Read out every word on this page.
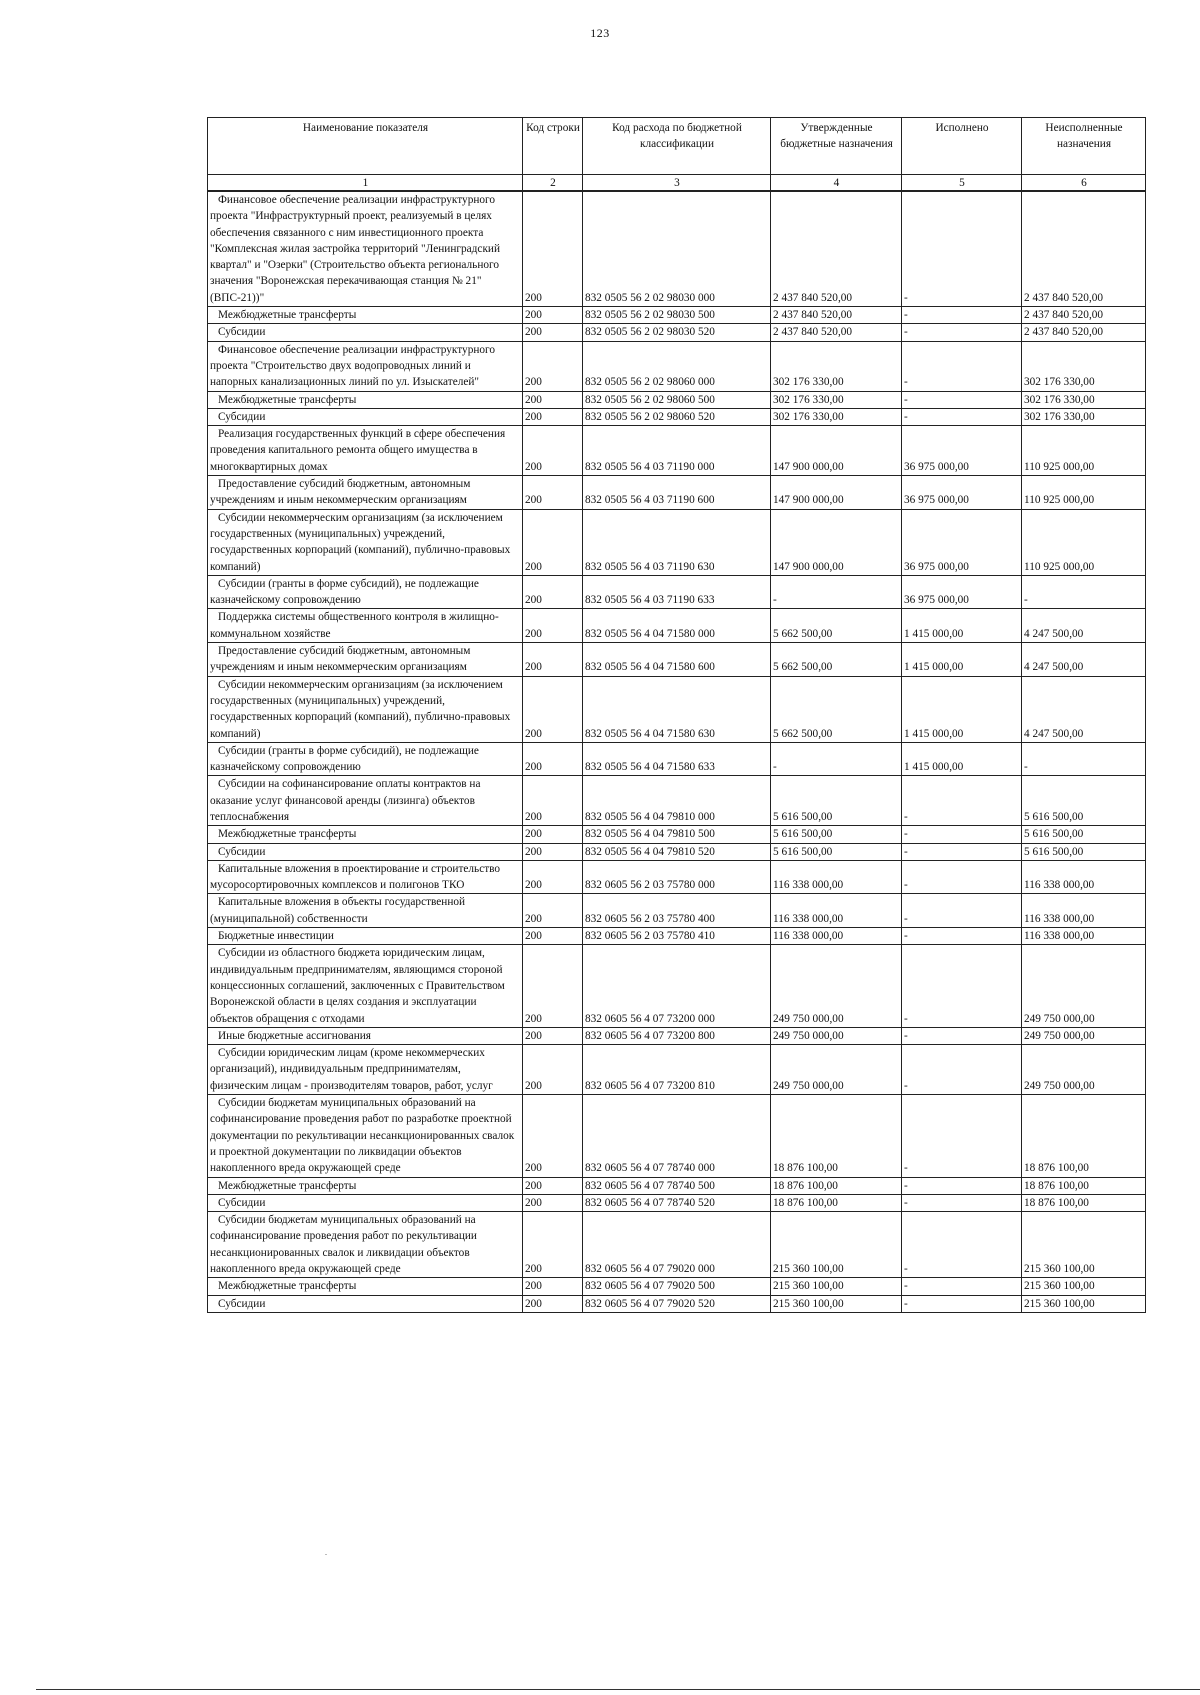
123
Наименование показателя	Код строки	Код расхода по бюджетной классификации	Утвержденные бюджетные назначения	Исполнено	Неисполненные назначения
1	2	3	4	5	6

Финансовое обеспечение реализации инфраструктурного проекта "Инфраструктурный проект, реализуемый в целях обеспечения связанного с ним инвестиционного проекта "Комплексная жилая застройка территорий "Ленинградский квартал" и "Озерки" (Строительство объекта регионального значения "Воронежская перекачивающая станция № 21" (ВПС-21))"	200	832 0505 56 2 02 98030 000	2 437 840 520,00	-	2 437 840 520,00

Межбюджетные трансферты	200	832 0505 56 2 02 98030 500	2 437 840 520,00	-	2 437 840 520,00

Субсидии	200	832 0505 56 2 02 98030 520	2 437 840 520,00	-	2 437 840 520,00

Финансовое обеспечение реализации инфраструктурного проекта "Строительство двух водопроводных линий и напорных канализационных линий по ул. Изыскателей"	200	832 0505 56 2 02 98060 000	302 176 330,00	-	302 176 330,00

Межбюджетные трансферты	200	832 0505 56 2 02 98060 500	302 176 330,00	-	302 176 330,00

Субсидии	200	832 0505 56 2 02 98060 520	302 176 330,00	-	302 176 330,00

Реализация государственных функций в сфере обеспечения проведения капитального ремонта общего имущества в многоквартирных домах	200	832 0505 56 4 03 71190 000	147 900 000,00	36 975 000,00	110 925 000,00

Предоставление субсидий бюджетным, автономным учреждениям и иным некоммерческим организациям	200	832 0505 56 4 03 71190 600	147 900 000,00	36 975 000,00	110 925 000,00

Субсидии некоммерческим организациям (за исключением государственных (муниципальных) учреждений, государственных корпораций (компаний), публично-правовых компаний)	200	832 0505 56 4 03 71190 630	147 900 000,00	36 975 000,00	110 925 000,00

Субсидии (гранты в форме субсидий), не подлежащие казначейскому сопровождению	200	832 0505 56 4 03 71190 633	-	36 975 000,00	-

Поддержка системы общественного контроля в жилищно-коммунальном хозяйстве	200	832 0505 56 4 04 71580 000	5 662 500,00	1 415 000,00	4 247 500,00

Предоставление субсидий бюджетным, автономным учреждениям и иным некоммерческим организациям	200	832 0505 56 4 04 71580 600	5 662 500,00	1 415 000,00	4 247 500,00

Субсидии некоммерческим организациям (за исключением государственных (муниципальных) учреждений, государственных корпораций (компаний), публично-правовых компаний)	200	832 0505 56 4 04 71580 630	5 662 500,00	1 415 000,00	4 247 500,00

Субсидии (гранты в форме субсидий), не подлежащие казначейскому сопровождению	200	832 0505 56 4 04 71580 633	-	1 415 000,00	-

Субсидии на софинансирование оплаты контрактов на оказание услуг финансовой аренды (лизинга) объектов теплоснабжения	200	832 0505 56 4 04 79810 000	5 616 500,00	-	5 616 500,00

Межбюджетные трансферты	200	832 0505 56 4 04 79810 500	5 616 500,00	-	5 616 500,00

Субсидии	200	832 0505 56 4 04 79810 520	5 616 500,00	-	5 616 500,00

Капитальные вложения в проектирование и строительство мусоросортировочных комплексов и полигонов ТКО	200	832 0605 56 2 03 75780 000	116 338 000,00	-	116 338 000,00

Капитальные вложения в объекты государственной (муниципальной) собственности	200	832 0605 56 2 03 75780 400	116 338 000,00	-	116 338 000,00

Бюджетные инвестиции	200	832 0605 56 2 03 75780 410	116 338 000,00	-	116 338 000,00

Субсидии из областного бюджета юридическим лицам, индивидуальным предпринимателям, являющимся стороной концессионных соглашений, заключенных с Правительством Воронежской области в целях создания и эксплуатации объектов обращения с отходами	200	832 0605 56 4 07 73200 000	249 750 000,00	-	249 750 000,00

Иные бюджетные ассигнования	200	832 0605 56 4 07 73200 800	249 750 000,00	-	249 750 000,00

Субсидии юридическим лицам (кроме некоммерческих организаций), индивидуальным предпринимателям, физическим лицам - производителям товаров, работ, услуг	200	832 0605 56 4 07 73200 810	249 750 000,00	-	249 750 000,00

Субсидии бюджетам муниципальных образований на софинансирование проведения работ по разработке проектной документации по рекультивации несанкционированных свалок и проектной документации по ликвидации объектов накопленного вреда окружающей среде	200	832 0605 56 4 07 78740 000	18 876 100,00	-	18 876 100,00

Межбюджетные трансферты	200	832 0605 56 4 07 78740 500	18 876 100,00	-	18 876 100,00

Субсидии	200	832 0605 56 4 07 78740 520	18 876 100,00	-	18 876 100,00

Субсидии бюджетам муниципальных образований на софинансирование проведения работ по рекультивации несанкционированных свалок и ликвидации объектов накопленного вреда окружающей среде	200	832 0605 56 4 07 79020 000	215 360 100,00	-	215 360 100,00

Межбюджетные трансферты	200	832 0605 56 4 07 79020 500	215 360 100,00	-	215 360 100,00

Субсидии	200	832 0605 56 4 07 79020 520	215 360 100,00	-	215 360 100,00
